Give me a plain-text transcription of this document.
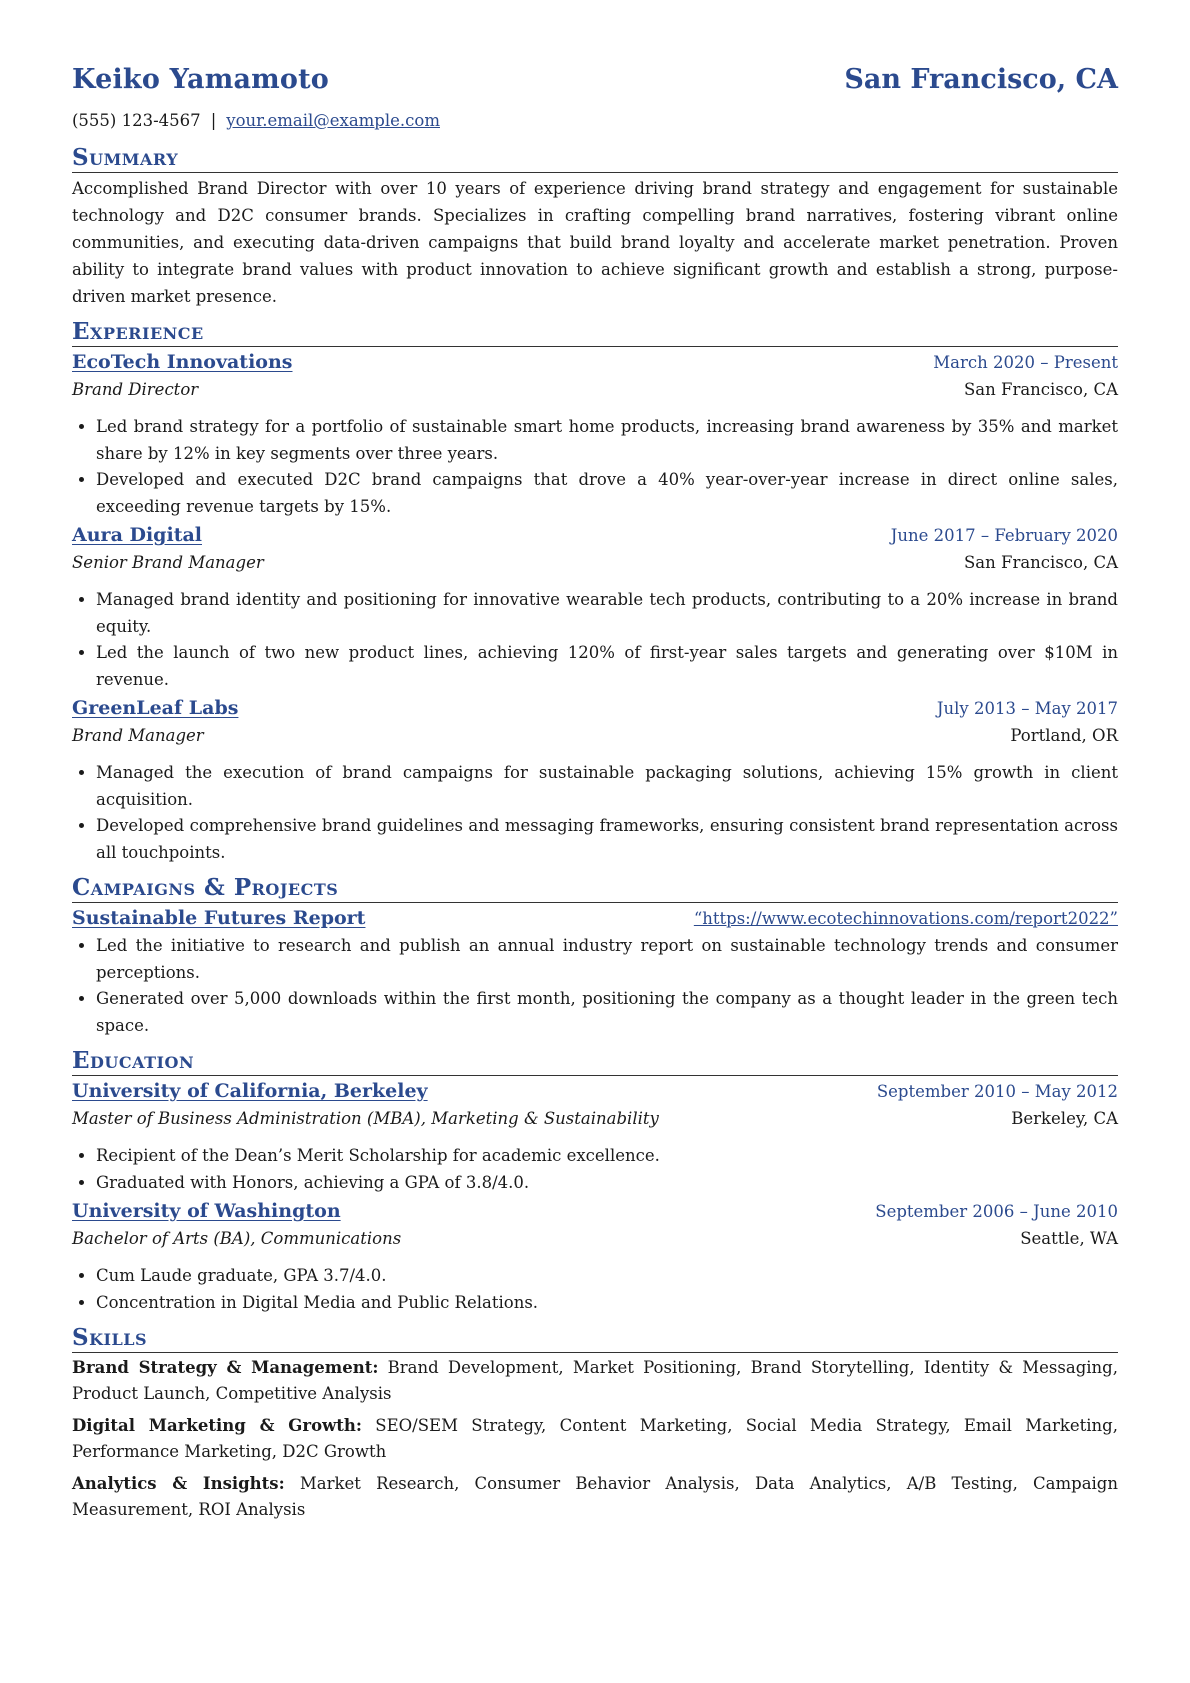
Keiko Yamamoto	San Francisco, CA
(555) 123-4567 | your.email@example.com
Summary
Accomplished Brand Director with over 10 years of experience driving brand strategy and engagement for sustainable technology and D2C consumer brands. Specializes in crafting compelling brand narratives, fostering vibrant online communities, and executing data-driven campaigns that build brand loyalty and accelerate market penetration. Proven ability to integrate brand values with product innovation to achieve significant growth and establish a strong, purpose-driven market presence.
Experience
EcoTech Innovations	March 2020 – Present
Brand Director	San Francisco, CA
• Led brand strategy for a portfolio of sustainable smart home products, increasing brand awareness by 35% and market share by 12% in key segments over three years.
• Developed and executed D2C brand campaigns that drove a 40% year-over-year increase in direct online sales, exceeding revenue targets by 15%.
Aura Digital	June 2017 – February 2020
Senior Brand Manager	San Francisco, CA
• Managed brand identity and positioning for innovative wearable tech products, contributing to a 20% increase in brand equity.
• Led the launch of two new product lines, achieving 120% of first-year sales targets and generating over $10M in revenue.
GreenLeaf Labs	July 2013 – May 2017
Brand Manager	Portland, OR
• Managed the execution of brand campaigns for sustainable packaging solutions, achieving 15% growth in client acquisition.
• Developed comprehensive brand guidelines and messaging frameworks, ensuring consistent brand representation across all touchpoints.
Campaigns & Projects
Sustainable Futures Report	“https://www.ecotechinnovations.com/report2022”
• Led the initiative to research and publish an annual industry report on sustainable technology trends and consumer perceptions.
• Generated over 5,000 downloads within the first month, positioning the company as a thought leader in the green tech space.
Education
University of California, Berkeley	September 2010 – May 2012
Master of Business Administration (MBA), Marketing & Sustainability	Berkeley, CA
• Recipient of the Dean’s Merit Scholarship for academic excellence.
• Graduated with Honors, achieving a GPA of 3.8/4.0.
University of Washington	September 2006 – June 2010
Bachelor of Arts (BA), Communications	Seattle, WA
• Cum Laude graduate, GPA 3.7/4.0.
• Concentration in Digital Media and Public Relations.
Skills
Brand Strategy & Management: Brand Development, Market Positioning, Brand Storytelling, Identity & Messaging, Product Launch, Competitive Analysis
Digital Marketing & Growth: SEO/SEM Strategy, Content Marketing, Social Media Strategy, Email Marketing, Performance Marketing, D2C Growth
Analytics & Insights: Market Research, Consumer Behavior Analysis, Data Analytics, A/B Testing, Campaign Measurement, ROI Analysis
